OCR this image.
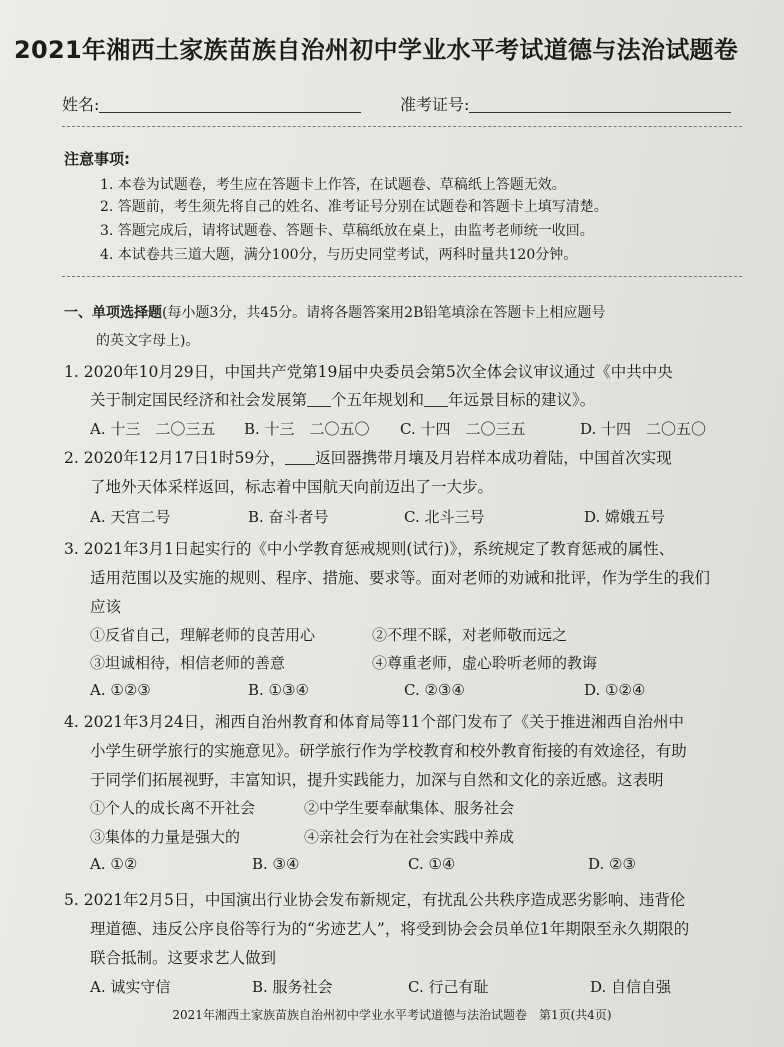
2021年湘西土家族苗族自治州初中学业水平考试道德与法治试题卷
姓名:	准考证号:
注意事项:
1. 本卷为试题卷，考生应在答题卡上作答，在试题卷、草稿纸上答题无效。
2. 答题前，考生须先将自己的姓名、准考证号分别在试题卷和答题卡上填写清楚。
3. 答题完成后，请将试题卷、答题卡、草稿纸放在桌上，由监考老师统一收回。
4. 本试卷共三道大题，满分100分，与历史同堂考试，两科时量共120分钟。
一、单项选择题(每小题3分，共45分。请将各题答案用2B铅笔填涂在答题卡上相应题号
的英文字母上)。
1. 2020年10月29日，中国共产党第19届中央委员会第5次全体会议审议通过《中共中央
关于制定国民经济和社会发展第 个五年规划和 年远景目标的建议》。
A. 十三　二〇三五 B. 十三　二〇五〇 C. 十四　二〇三五	D. 十四　二〇五〇
2. 2020年12月17日1时59分， 返回器携带月壤及月岩样本成功着陆，中国首次实现
了地外天体采样返回，标志着中国航天向前迈出了一大步。
A. 天宫二号	B. 奋斗者号	C. 北斗三号	D. 嫦娥五号
3. 2021年3月1日起实行的《中小学教育惩戒规则(试行)》，系统规定了教育惩戒的属性、
适用范围以及实施的规则、程序、措施、要求等。面对老师的劝诫和批评，作为学生的我们
应该
①反省自己，理解老师的良苦用心	②不理不睬，对老师敬而远之
③坦诚相待，相信老师的善意	④尊重老师，虚心聆听老师的教诲
A. ①②③	B. ①③④	C. ②③④	D. ①②④
4. 2021年3月24日，湘西自治州教育和体育局等11个部门发布了《关于推进湘西自治州中
小学生研学旅行的实施意见》。研学旅行作为学校教育和校外教育衔接的有效途径，有助
于同学们拓展视野，丰富知识，提升实践能力，加深与自然和文化的亲近感。这表明
①个人的成长离不开社会	②中学生要奉献集体、服务社会
③集体的力量是强大的	④亲社会行为在社会实践中养成
A. ①②	B. ③④	C. ①④	D. ②③
5. 2021年2月5日，中国演出行业协会发布新规定，有扰乱公共秩序造成恶劣影响、违背伦
理道德、违反公序良俗等行为的“劣迹艺人”，将受到协会会员单位1年期限至永久期限的
联合抵制。这要求艺人做到
A. 诚实守信	B. 服务社会	C. 行己有耻	D. 自信自强
2021年湘西土家族苗族自治州初中学业水平考试道德与法治试题卷　第1页(共4页)
